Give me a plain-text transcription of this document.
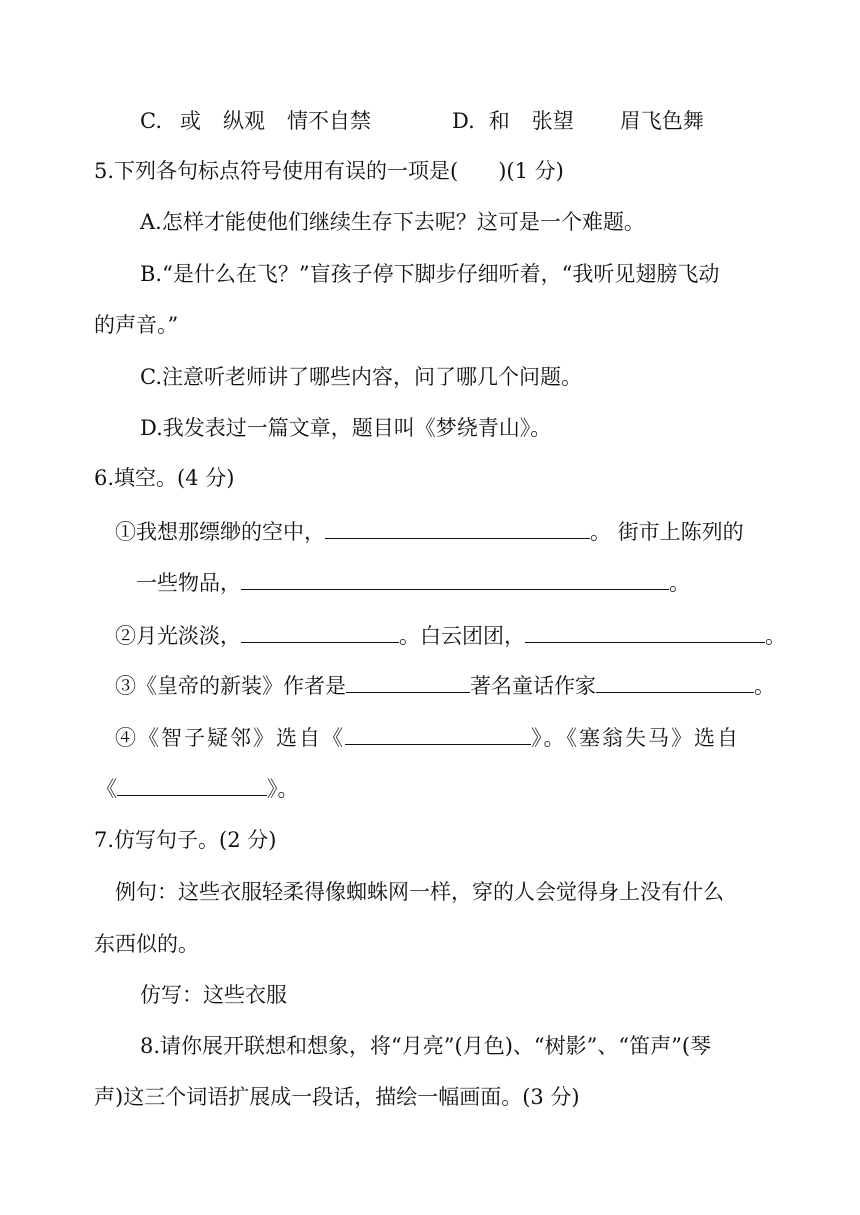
C. 或 纵观 情不自禁	D. 和 张望 眉飞色舞
5.下列各句标点符号使用有误的一项是( )(1 分)
A.怎样才能使他们继续生存下去呢？这可是一个难题。
B.“是什么在飞？”盲孩子停下脚步仔细听着，“我听见翅膀飞动
的声音。”
C.注意听老师讲了哪些内容，问了哪几个问题。
D.我发表过一篇文章，题目叫《梦绕青山》。
6.填空。(4 分)
①我想那缥缈的空中，	。 街市上陈列的
一些物品，	。
②月光淡淡，	。白云团团，	。
③《皇帝的新装》作者是	著名童话作家	。
④《智子疑邻》选自《	》。《塞翁失马》选自
《	》。
7.仿写句子。(2 分)
例句：这些衣服轻柔得像蜘蛛网一样，穿的人会觉得身上没有什么
东西似的。
仿写：这些衣服
8.请你展开联想和想象，将“月亮”(月色)、“树影”、“笛声”(琴
声)这三个词语扩展成一段话，描绘一幅画面。(3 分)
